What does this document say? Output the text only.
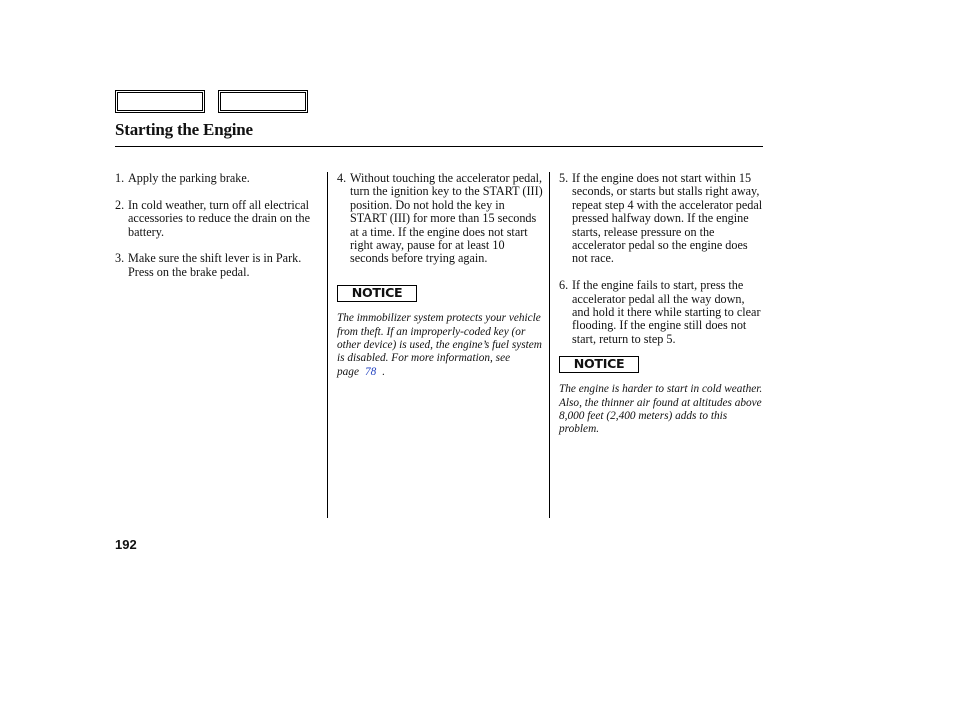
Starting the Engine
1. Apply the parking brake.
2. In cold weather, turn off all electrical accessories to reduce the drain on the battery.
3. Make sure the shift lever is in Park. Press on the brake pedal.
4. Without touching the accelerator pedal, turn the ignition key to the START (III) position. Do not hold the key in START (III) for more than 15 seconds at a time. If the engine does not start right away, pause for at least 10 seconds before trying again.
NOTICE
The immobilizer system protects your vehicle from theft. If an improperly-coded key (or other device) is used, the engine’s fuel system is disabled. For more information, see page 78 .
5. If the engine does not start within 15 seconds, or starts but stalls right away, repeat step 4 with the accelerator pedal pressed halfway down. If the engine starts, release pressure on the accelerator pedal so the engine does not race.
6. If the engine fails to start, press the accelerator pedal all the way down, and hold it there while starting to clear flooding. If the engine still does not start, return to step 5.
NOTICE
The engine is harder to start in cold weather. Also, the thinner air found at altitudes above 8,000 feet (2,400 meters) adds to this problem.
192
